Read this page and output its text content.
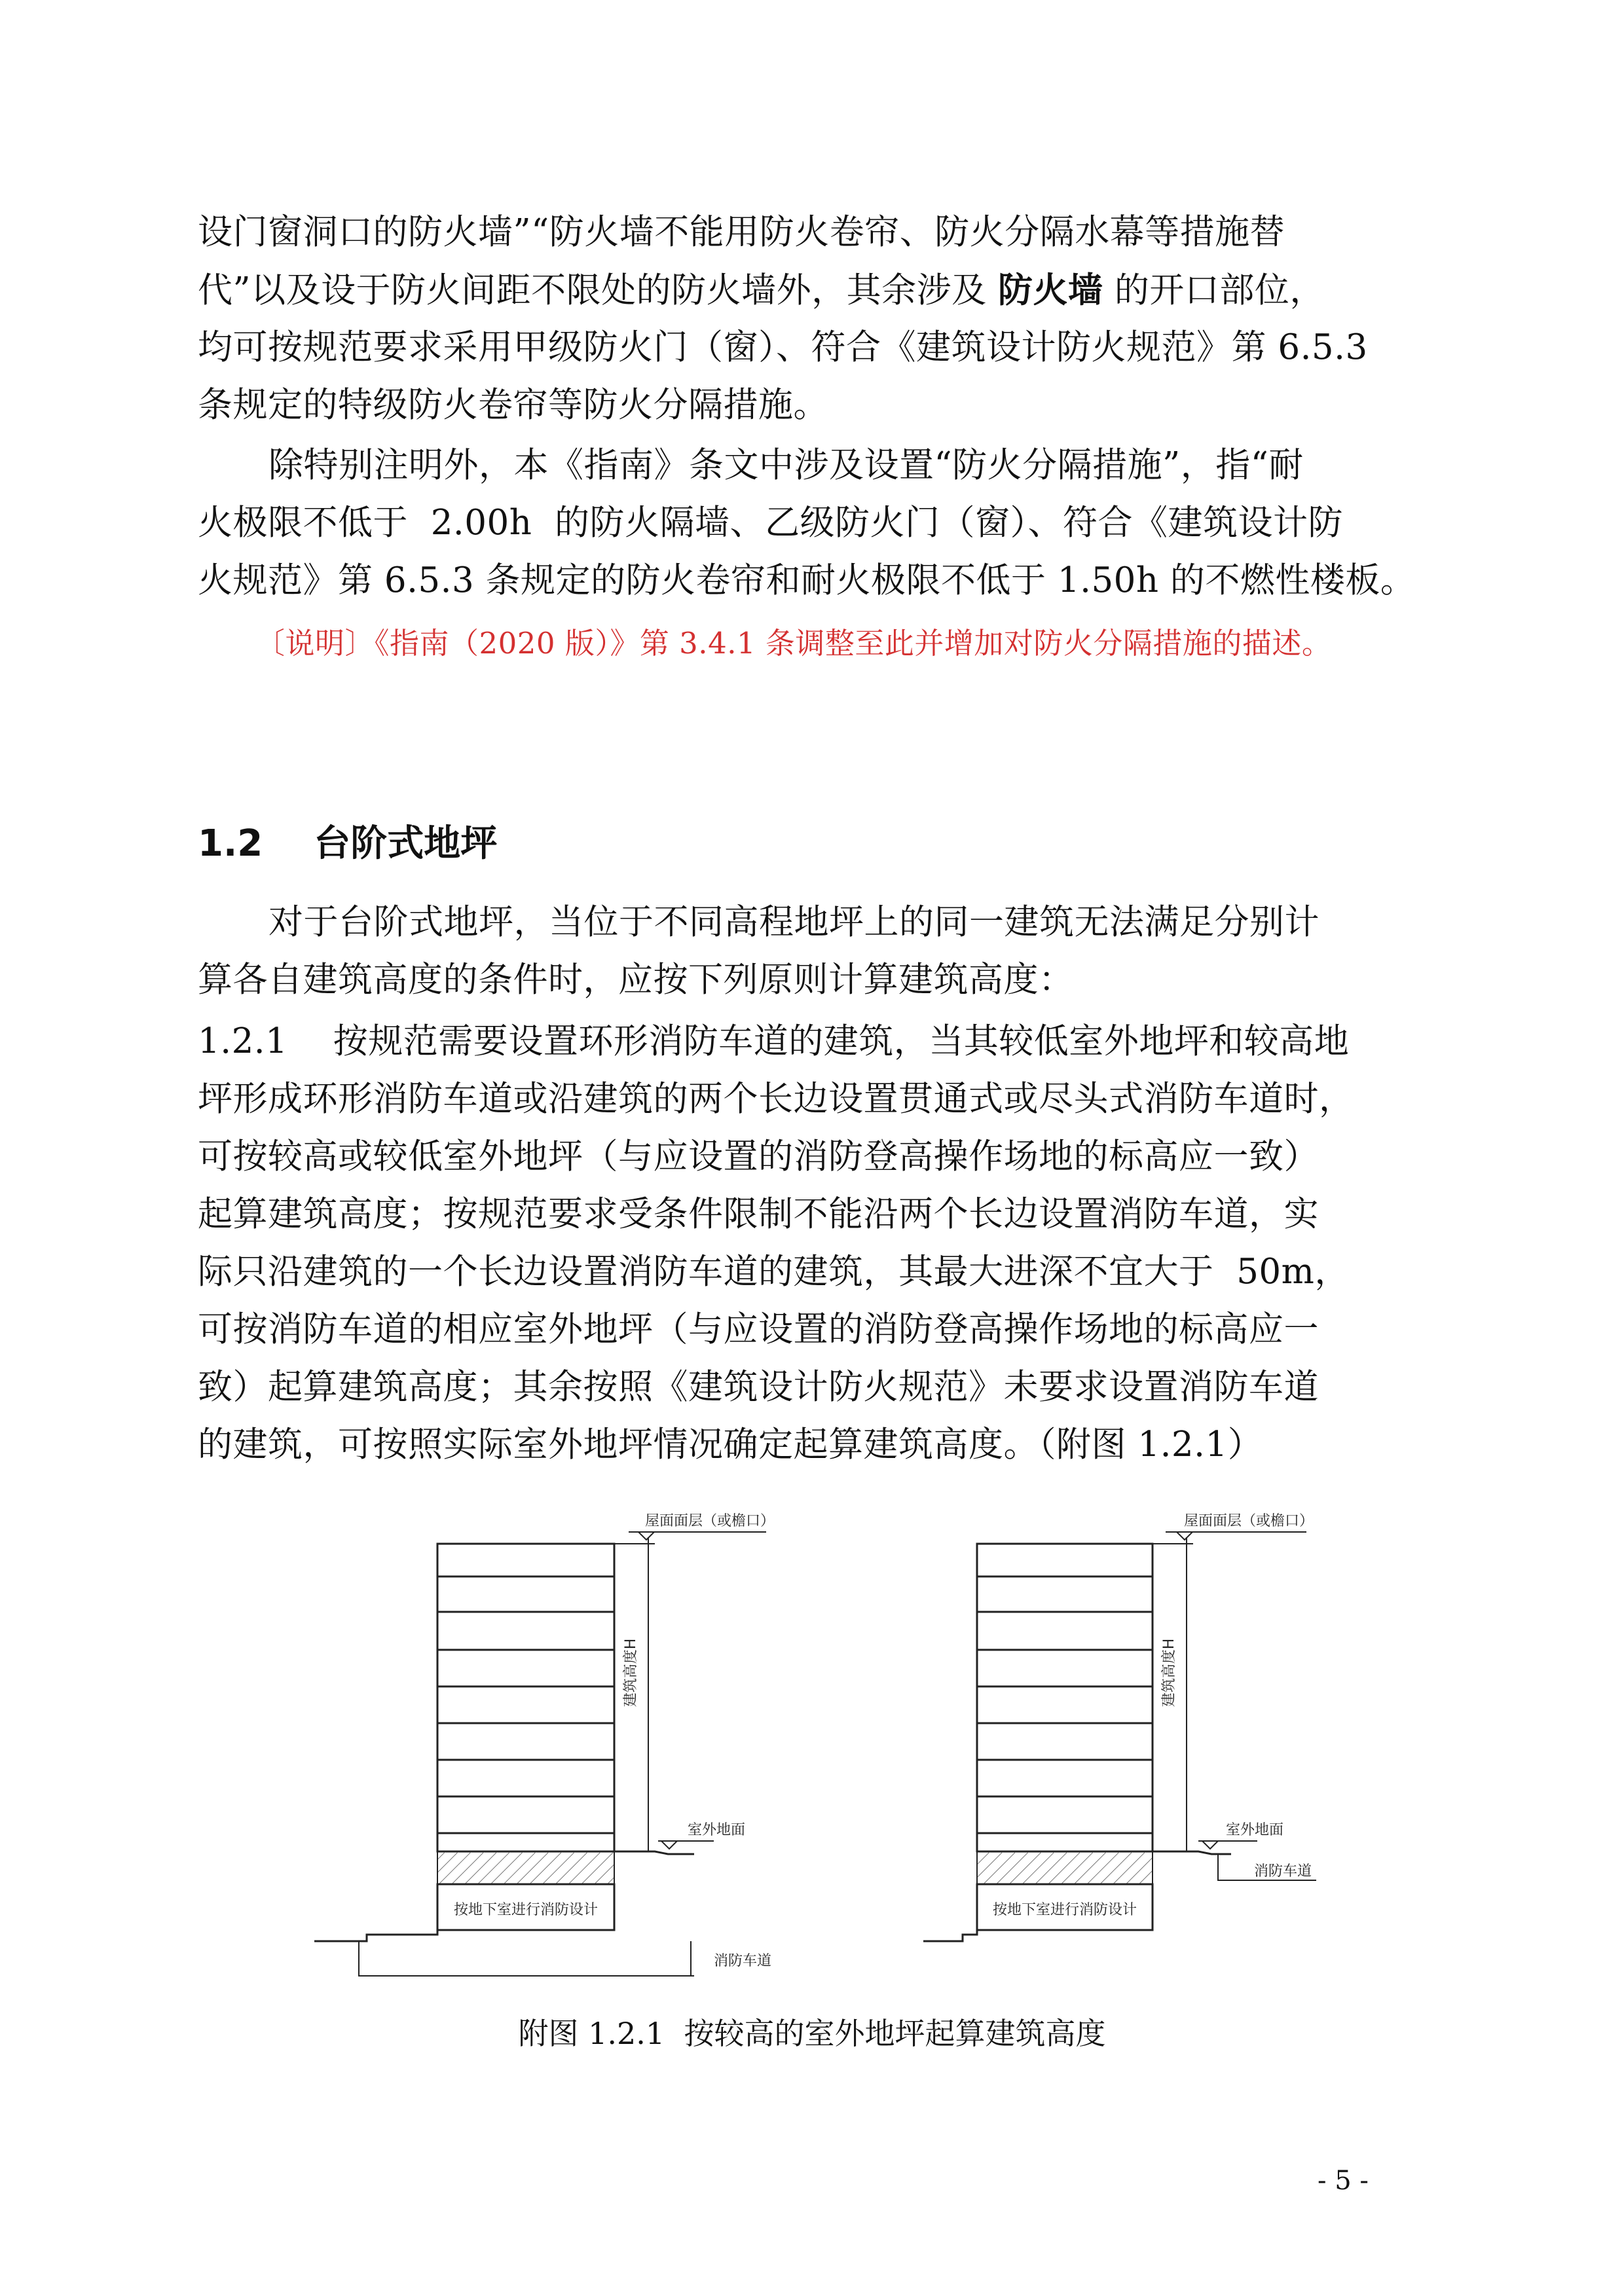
设门窗洞口的防火墙”“防火墙不能用防火卷帘、防火分隔水幕等措施替
代”以及设于防火间距不限处的防火墙外，其余涉及 防火墙 的开口部位，
均可按规范要求采用甲级防火门（窗）、符合《建筑设计防火规范》第 6.5.3
条规定的特级防火卷帘等防火分隔措施。
除特别注明外，本《指南》条文中涉及设置“防火分隔措施”，指“耐
火极限不低于  2.00h  的防火隔墙、乙级防火门（窗）、符合《建筑设计防
火规范》第 6.5.3 条规定的防火卷帘和耐火极限不低于 1.50h 的不燃性楼板。
〔说明〕《指南（2020 版）》第 3.4.1 条调整至此并增加对防火分隔措施的描述。
1.2 台阶式地坪
对于台阶式地坪，当位于不同高程地坪上的同一建筑无法满足分别计
算各自建筑高度的条件时，应按下列原则计算建筑高度：
1.2.1    按规范需要设置环形消防车道的建筑，当其较低室外地坪和较高地
坪形成环形消防车道或沿建筑的两个长边设置贯通式或尽头式消防车道时，
可按较高或较低室外地坪（与应设置的消防登高操作场地的标高应一致）
起算建筑高度；按规范要求受条件限制不能沿两个长边设置消防车道，实
际只沿建筑的一个长边设置消防车道的建筑，其最大进深不宜大于  50m，
可按消防车道的相应室外地坪（与应设置的消防登高操作场地的标高应一
致）起算建筑高度；其余按照《建筑设计防火规范》未要求设置消防车道
的建筑，可按照实际室外地坪情况确定起算建筑高度。（附图 1.2.1）
按地下室进行消防设计
消防车道
室外地面
屋面面层（或檐口）
建筑高度H
按地下室进行消防设计
消防车道
室外地面
屋面面层（或檐口）
建筑高度H
附图 1.2.1  按较高的室外地坪起算建筑高度
- 5 -
